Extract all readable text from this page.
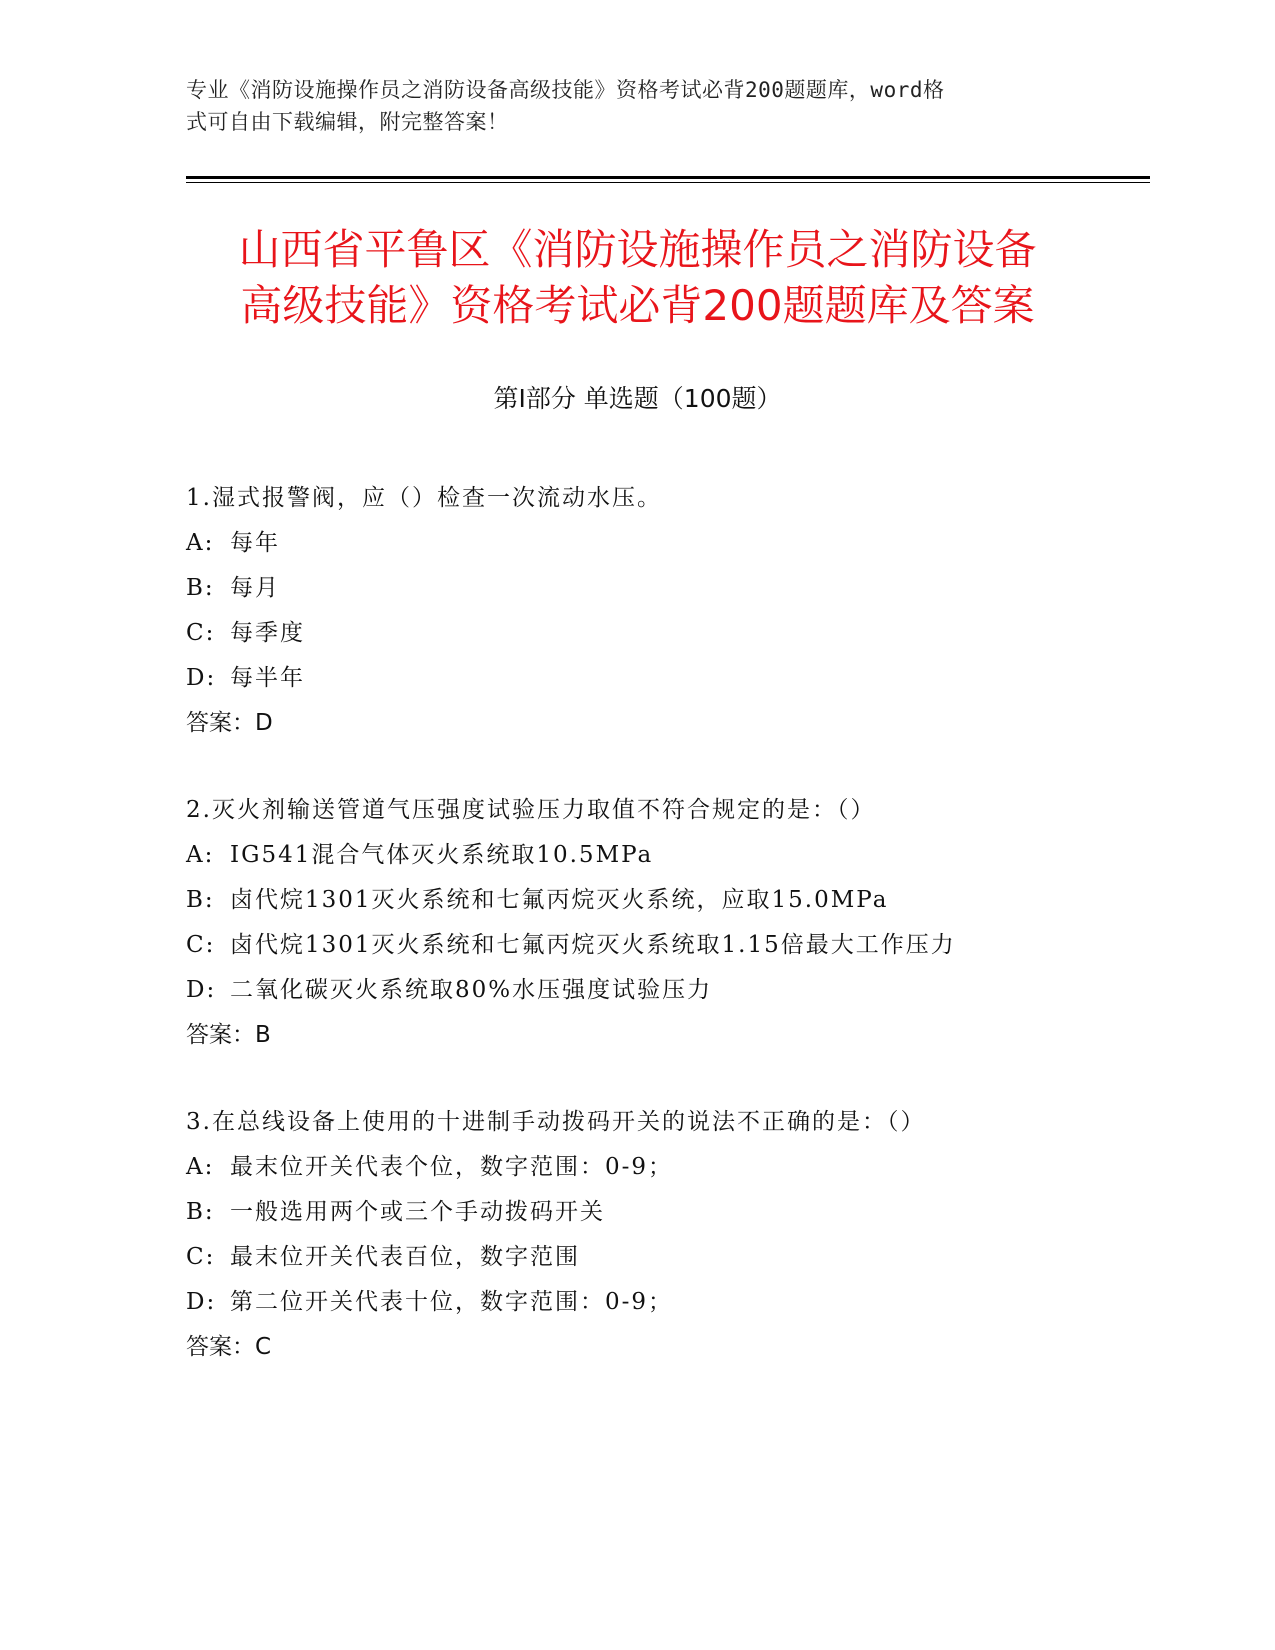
专业《消防设施操作员之消防设备高级技能》资格考试必背200题题库，word格
式可自由下载编辑，附完整答案！
山西省平鲁区《消防设施操作员之消防设备
高级技能》资格考试必背200题题库及答案
第Ⅰ部分 单选题（100题）
1.湿式报警阀，应（）检查一次流动水压。
A: 每年
B: 每月
C: 每季度
D: 每半年
答案：D
2.灭火剂输送管道气压强度试验压力取值不符合规定的是：（）
A: IG541混合气体灭火系统取10.5MPa
B: 卤代烷1301灭火系统和七氟丙烷灭火系统，应取15.0MPa
C: 卤代烷1301灭火系统和七氟丙烷灭火系统取1.15倍最大工作压力
D: 二氧化碳灭火系统取80%水压强度试验压力
答案：B
3.在总线设备上使用的十进制手动拨码开关的说法不正确的是：（）
A: 最末位开关代表个位，数字范围：0-9；
B: 一般选用两个或三个手动拨码开关
C: 最末位开关代表百位，数字范围
D: 第二位开关代表十位，数字范围：0-9；
答案：C
